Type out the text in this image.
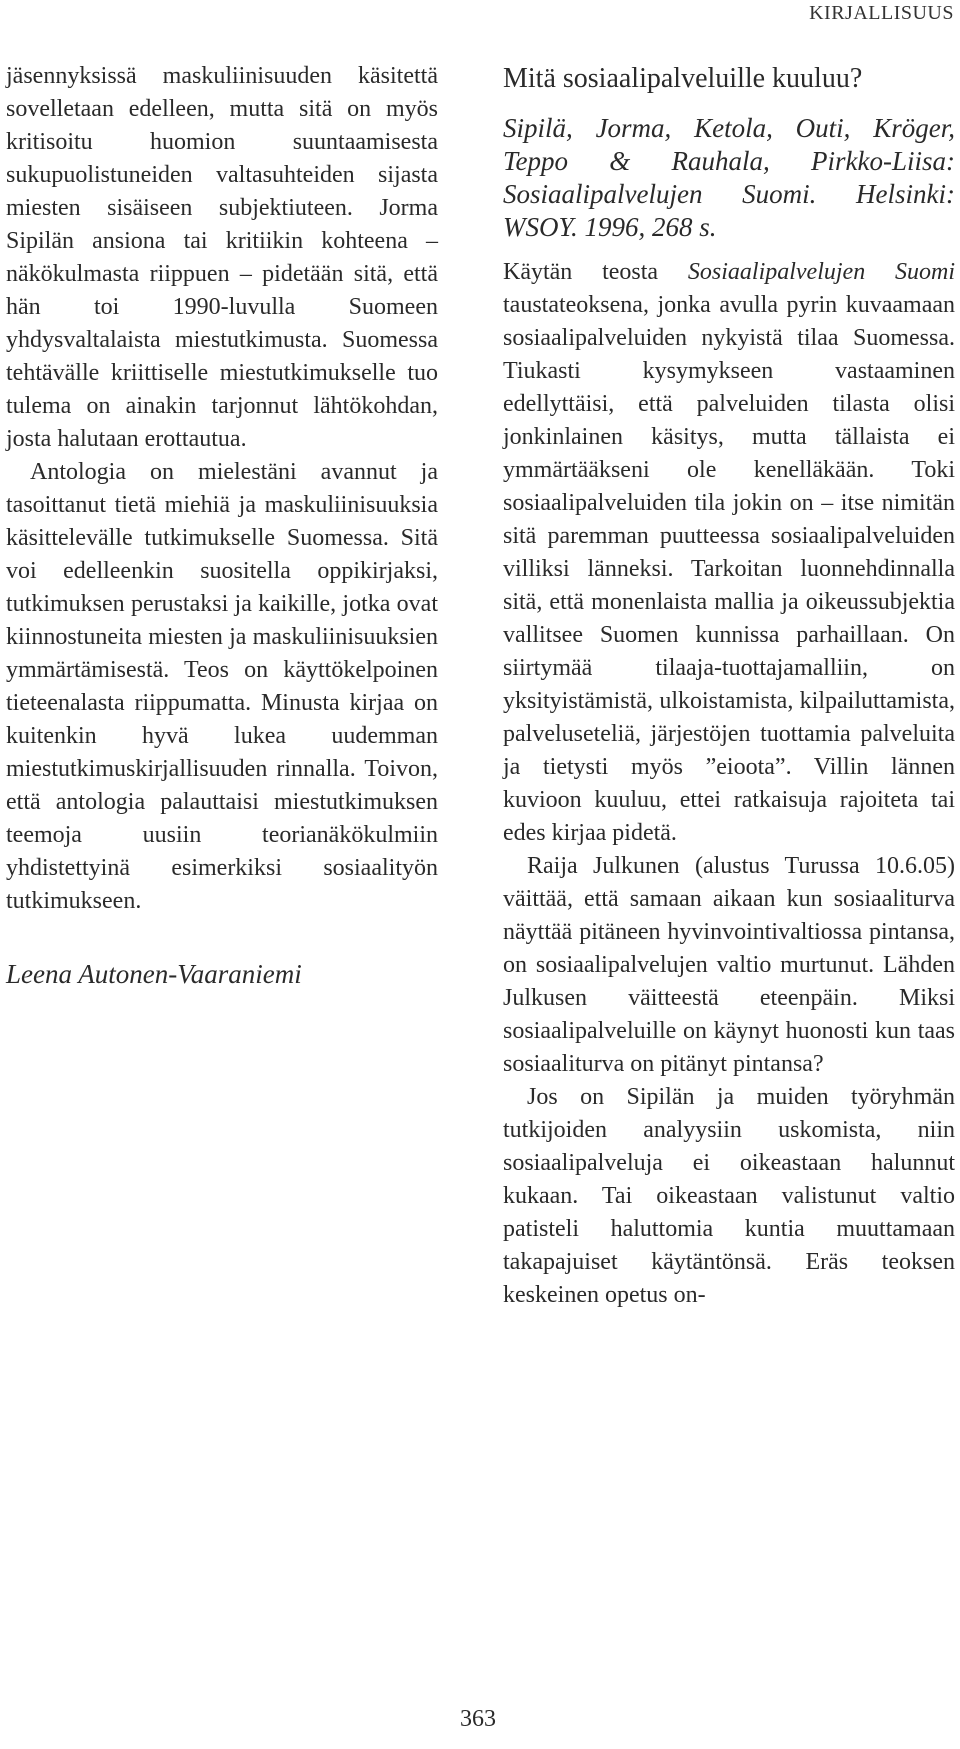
KIRJALLISUUS

jäsennyksissä maskuliinisuuden käsitettä sovelletaan edelleen, mutta sitä on myös kritisoitu huomion suuntaamisesta sukupuolistuneiden valtasuhteiden sijasta miesten sisäiseen subjektiuteen. Jorma Sipilän ansiona tai kritiikin kohteena – näkökulmasta riippuen – pidetään sitä, että hän toi 1990-luvulla Suomeen yhdysvaltalaista miestutkimusta. Suomessa tehtävälle kriittiselle miestutkimukselle tuo tulema on ainakin tarjonnut lähtökohdan, josta halutaan erottautua.

Antologia on mielestäni avannut ja tasoittanut tietä miehiä ja maskuliinisuuksia käsittelevälle tutkimukselle Suomessa. Sitä voi edelleenkin suositella oppikirjaksi, tutkimuksen perustaksi ja kaikille, jotka ovat kiinnostuneita miesten ja maskuliinisuuksien ymmärtämisestä. Teos on käyttökelpoinen tieteenalasta riippumatta. Minusta kirjaa on kuitenkin hyvä lukea uudemman miestutkimuskirjallisuuden rinnalla. Toivon, että antologia palauttaisi miestutkimuksen teemoja uusiin teorianäkökulmiin yhdistettyinä esimerkiksi sosiaalityön tutkimukseen.

Leena Autonen-Vaaraniemi

Mitä sosiaalipalveluille kuuluu?

Sipilä, Jorma, Ketola, Outi, Kröger, Teppo & Rauhala, Pirkko-Liisa: Sosiaalipalvelujen Suomi. Helsinki: WSOY. 1996, 268 s.

Käytän teosta Sosiaalipalvelujen Suomi taustateoksena, jonka avulla pyrin kuvaamaan sosiaalipalveluiden nykyistä tilaa Suomessa. Tiukasti kysymykseen vastaaminen edellyttäisi, että palveluiden tilasta olisi jonkinlainen käsitys, mutta tällaista ei ymmärtääkseni ole kenelläkään. Toki sosiaalipalveluiden tila jokin on – itse nimitän sitä paremman puutteessa sosiaalipalveluiden villiksi länneksi. Tarkoitan luonnehdinnalla sitä, että monenlaista mallia ja oikeussubjektia vallitsee Suomen kunnissa parhaillaan. On siirtymää tilaaja-tuottajamalliin, on yksityistämistä, ulkoistamista, kilpailuttamista, palveluseteliä, järjestöjen tuottamia palveluita ja tietysti myös ”eioota”. Villin lännen kuvioon kuuluu, ettei ratkaisuja rajoiteta tai edes kirjaa pidetä.

Raija Julkunen (alustus Turussa 10.6.05) väittää, että samaan aikaan kun sosiaaliturva näyttää pitäneen hyvinvointivaltiossa pintansa, on sosiaalipalvelujen valtio murtunut. Lähden Julkusen väitteestä eteenpäin. Miksi sosiaalipalveluille on käynyt huonosti kun taas sosiaaliturva on pitänyt pintansa?

Jos on Sipilän ja muiden työryhmän tutkijoiden analyysiin uskomista, niin sosiaalipalveluja ei oikeastaan halunnut kukaan. Tai oikeastaan valistunut valtio patisteli haluttomia kuntia muuttamaan takapajuiset käytäntönsä. Eräs teoksen keskeinen opetus on-

363
